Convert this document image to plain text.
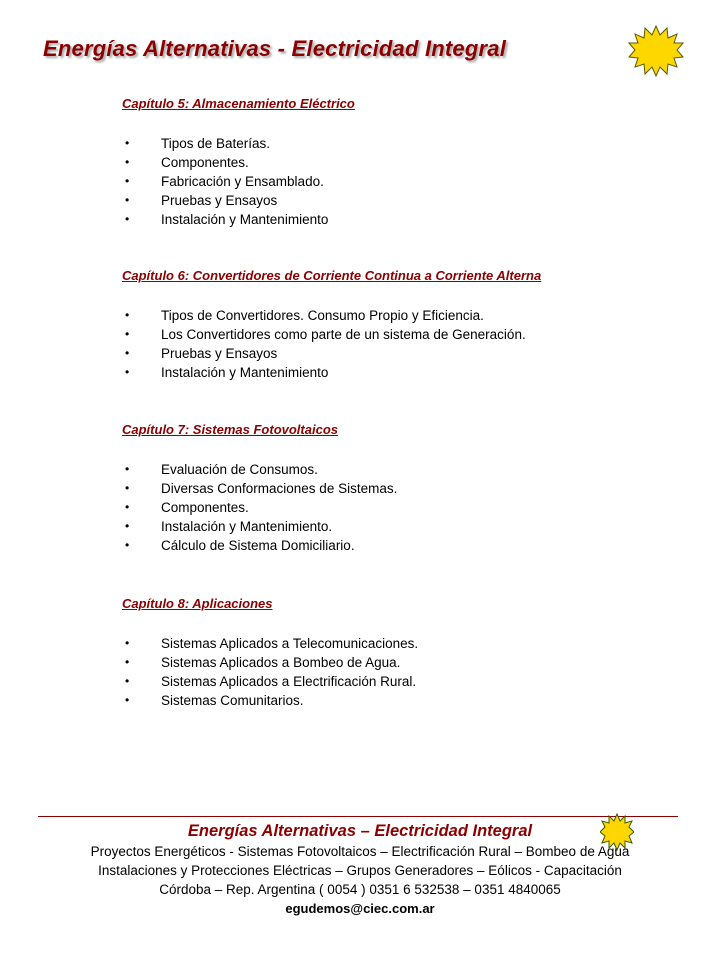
Energías Alternativas - Electricidad Integral
Capítulo 5: Almacenamiento Eléctrico
• Tipos de Baterías.
• Componentes.
• Fabricación y Ensamblado.
• Pruebas y Ensayos
• Instalación y Mantenimiento
Capítulo 6: Convertidores de Corriente Continua a Corriente Alterna
• Tipos de Convertidores. Consumo Propio y Eficiencia.
• Los Convertidores como parte de un sistema de Generación.
• Pruebas y Ensayos
• Instalación y Mantenimiento
Capítulo 7: Sistemas Fotovoltaicos
• Evaluación de Consumos.
• Diversas Conformaciones de Sistemas.
• Componentes.
• Instalación y Mantenimiento.
• Cálculo de Sistema Domiciliario.
Capítulo 8: Aplicaciones
• Sistemas Aplicados a Telecomunicaciones.
• Sistemas Aplicados a Bombeo de Agua.
• Sistemas Aplicados a Electrificación Rural.
• Sistemas Comunitarios.
Energías Alternativas – Electricidad Integral
Proyectos Energéticos - Sistemas Fotovoltaicos – Electrificación Rural – Bombeo de Agua
Instalaciones y Protecciones Eléctricas – Grupos Generadores – Eólicos - Capacitación
Córdoba – Rep. Argentina ( 0054 ) 0351 6 532538 – 0351 4840065
egudemos@ciec.com.ar
